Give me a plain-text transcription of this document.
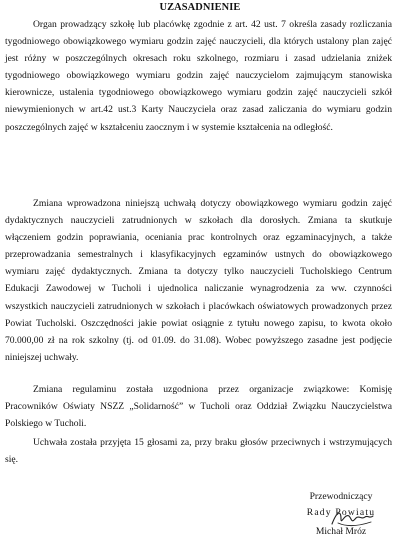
UZASADNIENIE

Organ prowadzący szkołę lub placówkę zgodnie z art. 42 ust. 7 określa zasady rozliczania tygodniowego obowiązkowego wymiaru godzin zajęć nauczycieli, dla których ustalony plan zajęć jest różny w poszczególnych okresach roku szkolnego, rozmiaru i zasad udzielania zniżek tygodniowego obowiązkowego wymiaru godzin zajęć nauczycielom zajmującym stanowiska kierownicze, ustalenia tygodniowego obowiązkowego wymiaru godzin zajęć nauczycieli szkół niewymienionych w art.42 ust.3 Karty Nauczyciela oraz zasad zaliczania do wymiaru godzin poszczególnych zajęć w kształceniu zaocznym i w systemie kształcenia na odległość.

Zmiana wprowadzona niniejszą uchwałą dotyczy obowiązkowego wymiaru godzin zajęć dydaktycznych nauczycieli zatrudnionych w szkołach dla dorosłych. Zmiana ta skutkuje włączeniem godzin poprawiania, oceniania prac kontrolnych oraz egzaminacyjnych, a także przeprowadzania semestralnych i klasyfikacyjnych egzaminów ustnych do obowiązkowego wymiaru zajęć dydaktycznych. Zmiana ta dotyczy tylko nauczycieli Tucholskiego Centrum Edukacji Zawodowej w Tucholi i ujednolica naliczanie wynagrodzenia za ww. czynności wszystkich nauczycieli zatrudnionych w szkołach i placówkach oświatowych prowadzonych przez Powiat Tucholski. Oszczędności jakie powiat osiągnie z tytułu nowego zapisu, to kwota około 70.000,00 zł na rok szkolny (tj. od 01.09. do 31.08). Wobec powyższego zasadne jest podjęcie niniejszej uchwały.

Zmiana regulaminu została uzgodniona przez organizacje związkowe: Komisję Pracowników Oświaty NSZZ „Solidarność” w Tucholi oraz Oddział Związku Nauczycielstwa Polskiego w Tucholi.

Uchwała została przyjęta 15 głosami za, przy braku głosów przeciwnych i wstrzymujących się.

Przewodniczący
Rady Powiatu
Michał Mróz
